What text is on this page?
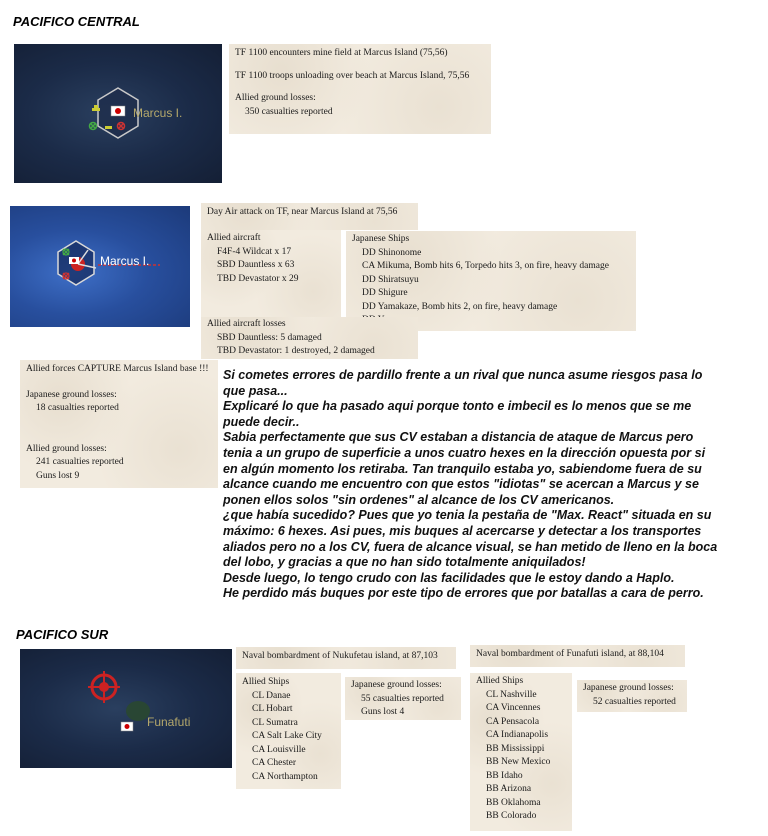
PACIFICO CENTRAL
PACIFICO SUR
Marcus I.
TF 1100 encounters mine field at Marcus Island (75,56)
TF 1100 troops unloading over beach at Marcus Island, 75,56
Allied ground losses:
350 casualties reported
Marcus I.
Day Air attack on TF, near Marcus Island at 75,56
Allied aircraft
F4F-4 Wildcat x 17
SBD Dauntless x 63
TBD Devastator x 29
Japanese Ships
DD Shinonome
CA Mikuma, Bomb hits 6, Torpedo hits 3, on fire, heavy damage
DD Shiratsuyu
DD Shigure
DD Yamakaze, Bomb hits 2, on fire, heavy damage
Allied aircraft losses
SBD Dauntless: 5 damaged
TBD Devastator: 1 destroyed, 2 damaged
Allied forces CAPTURE Marcus Island base !!!
Japanese ground losses:
18 casualties reported
Allied ground losses:
241 casualties reported
Guns lost 9

Si cometes errores de pardillo frente a un rival que nunca asume riesgos pasa lo que pasa...

Explicaré lo que ha pasado aqui porque tonto e imbecil es lo menos que se me puede decir..

Sabia perfectamente que sus CV estaban a distancia de ataque de Marcus pero tenia a un grupo de superficie a unos cuatro hexes en la dirección opuesta por si en algún momento los retiraba. Tan tranquilo estaba yo, sabiendome fuera de su alcance cuando me encuentro con que estos "idiotas" se acercan a Marcus y se ponen ellos solos "sin ordenes" al alcance de los CV americanos.

¿que había sucedido? Pues que yo tenia la pestaña de "Max. React" situada en su máximo: 6 hexes. Asi pues, mis buques al acercarse y detectar a los transportes aliados pero no a los CV, fuera de alcance visual, se han metido de lleno en la boca del lobo, y gracias a que no han sido totalmente aniquilados!

Desde luego, lo tengo crudo con las facilidades que le estoy dando a Haplo.

He perdido más buques por este tipo de errores que por batallas a cara de perro.

Funafuti
Naval bombardment of Nukufetau island, at 87,103
Allied Ships
CL Danae
CL Hobart
CL Sumatra
CA Salt Lake City
CA Louisville
CA Chester
CA Northampton
Japanese ground losses:
55 casualties reported
Guns lost 4
Naval bombardment of Funafuti island, at 88,104
Allied Ships
CL Nashville
CA Vincennes
CA Pensacola
CA Indianapolis
BB Mississippi
BB New Mexico
BB Idaho
BB Arizona
BB Oklahoma
BB Colorado
Japanese ground losses:
52 casualties reported
